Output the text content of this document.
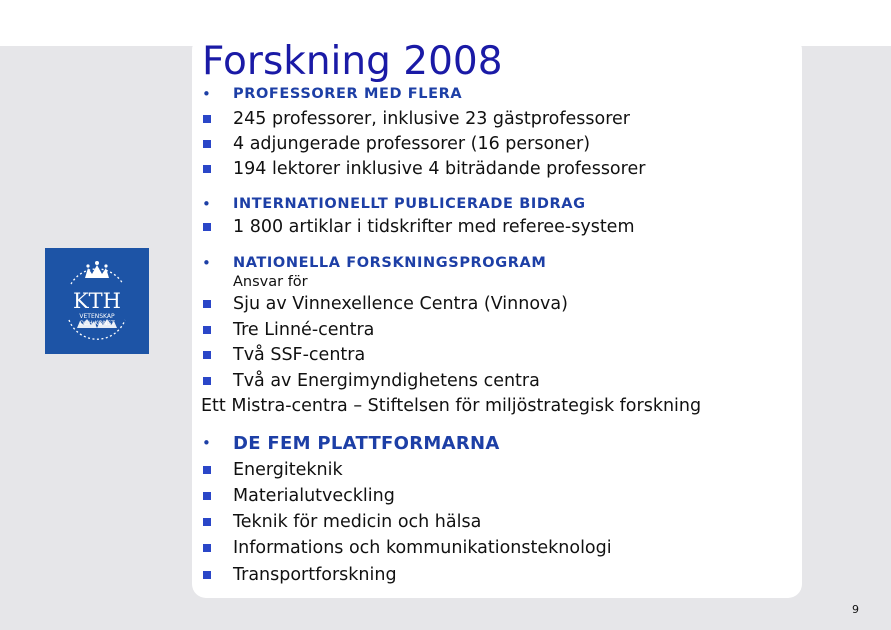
Forskning 2008
KTH
VETENSKAP
OCH KONST
• PROFESSORER MED FLERA
245 professorer, inklusive 23 gästprofessorer
4 adjungerade professorer (16 personer)
194 lektorer inklusive 4 biträdande professorer
• INTERNATIONELLT PUBLICERADE BIDRAG
1 800 artiklar i tidskrifter med referee-system
• NATIONELLA FORSKNINGSPROGRAM
Ansvar för
Sju av Vinnexellence Centra (Vinnova)
Tre Linné-centra
Två SSF-centra
Två av Energimyndighetens centra
Ett Mistra-centra – Stiftelsen för miljöstrategisk forskning
• DE FEM PLATTFORMARNA
Energiteknik
Materialutveckling
Teknik för medicin och hälsa
Informations och kommunikationsteknologi
Transportforskning
9
